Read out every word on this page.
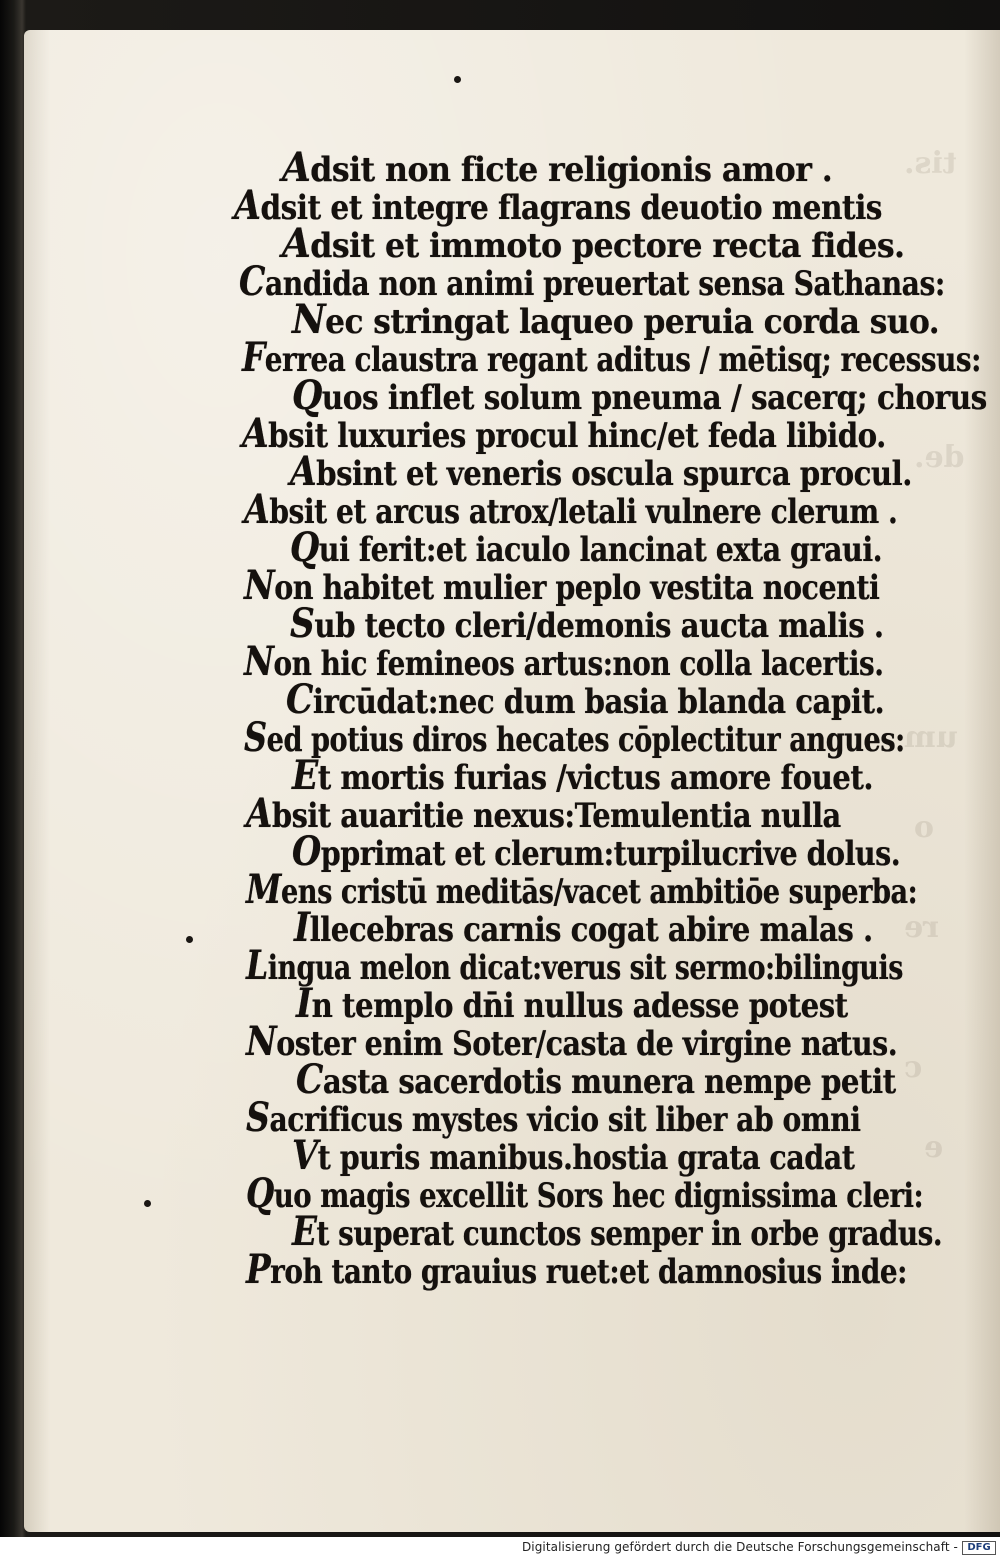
tis.
de.
um
o
re
c
e
Adsit non ficte religionis amor .
Adsit et integre flagrans deuotio mentis
Adsit et immoto pectore recta fides.
Candida non animi preuertat sensa Sathanas:
Nec stringat laqueo peruia corda suo.
Ferrea claustra regant aditus / mētisq; recessus:
Quos inflet solum pneuma / sacerq; chorus
Absit luxuries procul hinc/et feda libido.
Absint et veneris oscula spurca procul.
Absit et arcus atrox/letali vulnere clerum .
Qui ferit:et iaculo lancinat exta graui.
Non habitet mulier peplo vestita nocenti
Sub tecto cleri/demonis aucta malis .
Non hic femineos artus:non colla lacertis.
Circūdat:nec dum basia blanda capit.
Sed potius diros hecates cōplectitur angues:
Et mortis furias /victus amore fouet.
Absit auaritie nexus:Temulentia nulla
Opprimat et clerum:turpilucrive dolus.
Mens cristū meditās/vacet ambitiōe superba:
Illecebras carnis cogat abire malas .
Lingua melon dicat:verus sit sermo:bilinguis
In templo dn̄i nullus adesse potest
Noster enim Soter/casta de virgine natus.
Casta sacerdotis munera nempe petit
Sacrificus mystes vicio sit liber ab omni
Vt puris manibus.hostia grata cadat
Quo magis excellit Sors hec dignissima cleri:
Et superat cunctos semper in orbe gradus.
Proh tanto grauius ruet:et damnosius inde:
Digitalisierung gefördert durch die Deutsche Forschungsgemeinschaft - DFG
